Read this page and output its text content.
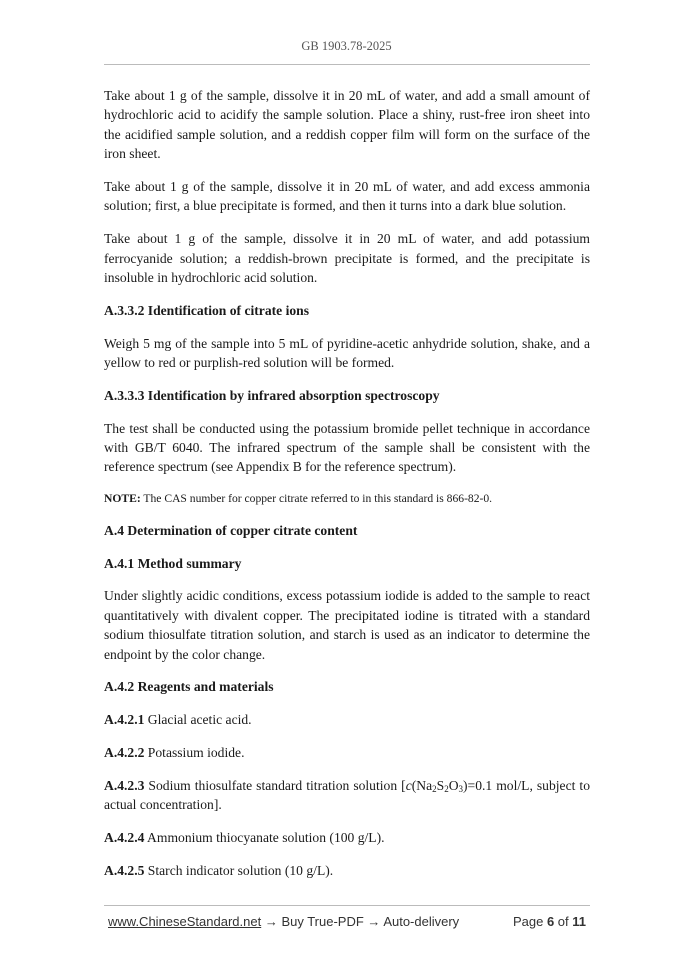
GB 1903.78-2025

Take about 1 g of the sample, dissolve it in 20 mL of water, and add a small amount of hydrochloric acid to acidify the sample solution. Place a shiny, rust-free iron sheet into the acidified sample solution, and a reddish copper film will form on the surface of the iron sheet.

Take about 1 g of the sample, dissolve it in 20 mL of water, and add excess ammonia solution; first, a blue precipitate is formed, and then it turns into a dark blue solution.

Take about 1 g of the sample, dissolve it in 20 mL of water, and add potassium ferrocyanide solution; a reddish-brown precipitate is formed, and the precipitate is insoluble in hydrochloric acid solution.

A.3.3.2 Identification of citrate ions

Weigh 5 mg of the sample into 5 mL of pyridine-acetic anhydride solution, shake, and a yellow to red or purplish-red solution will be formed.

A.3.3.3 Identification by infrared absorption spectroscopy

The test shall be conducted using the potassium bromide pellet technique in accordance with GB/T 6040. The infrared spectrum of the sample shall be consistent with the reference spectrum (see Appendix B for the reference spectrum).

NOTE: The CAS number for copper citrate referred to in this standard is 866-82-0.

A.4 Determination of copper citrate content
A.4.1 Method summary

Under slightly acidic conditions, excess potassium iodide is added to the sample to react quantitatively with divalent copper. The precipitated iodine is titrated with a standard sodium thiosulfate titration solution, and starch is used as an indicator to determine the endpoint by the color change.

A.4.2 Reagents and materials

A.4.2.1 Glacial acetic acid.

A.4.2.2 Potassium iodide.

A.4.2.3 Sodium thiosulfate standard titration solution [$c(Na_2S_2O_3)=0.1$ mol/L, subject to actual concentration].

A.4.2.4 Ammonium thiocyanate solution (100 g/L).

A.4.2.5 Starch indicator solution (10 g/L).

www.ChineseStandard.net → Buy True-PDF → Auto-delivery	Page 6 of 11
